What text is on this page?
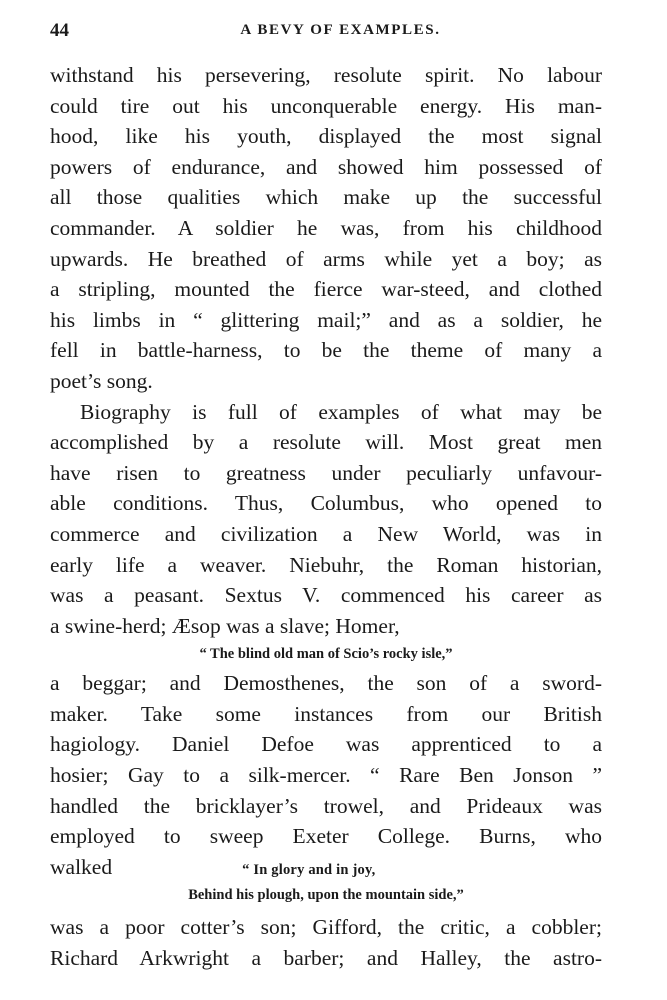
44	A BEVY OF EXAMPLES.
withstand his persevering, resolute spirit. No labour
could tire out his unconquerable energy. His man-
hood, like his youth, displayed the most signal
powers of endurance, and showed him possessed of
all those qualities which make up the successful
commander. A soldier he was, from his childhood
upwards. He breathed of arms while yet a boy; as
a stripling, mounted the fierce war-steed, and clothed
his limbs in “ glittering mail;” and as a soldier, he
fell in battle-harness, to be the theme of many a
poet’s song.
Biography is full of examples of what may be
accomplished by a resolute will. Most great men
have risen to greatness under peculiarly unfavour-
able conditions. Thus, Columbus, who opened to
commerce and civilization a New World, was in
early life a weaver. Niebuhr, the Roman historian,
was a peasant. Sextus V. commenced his career as
a swine-herd; Æsop was a slave; Homer,
“ The blind old man of Scio’s rocky isle,”
a beggar; and Demosthenes, the son of a sword-
maker. Take some instances from our British
hagiology. Daniel Defoe was apprenticed to a
hosier; Gay to a silk-mercer. “ Rare Ben Jonson ”
handled the bricklayer’s trowel, and Prideaux was
employed to sweep Exeter College. Burns, who
walked	“ In glory and in joy,
Behind his plough, upon the mountain side,”
was a poor cotter’s son; Gifford, the critic, a cobbler;
Richard Arkwright a barber; and Halley, the astro-
